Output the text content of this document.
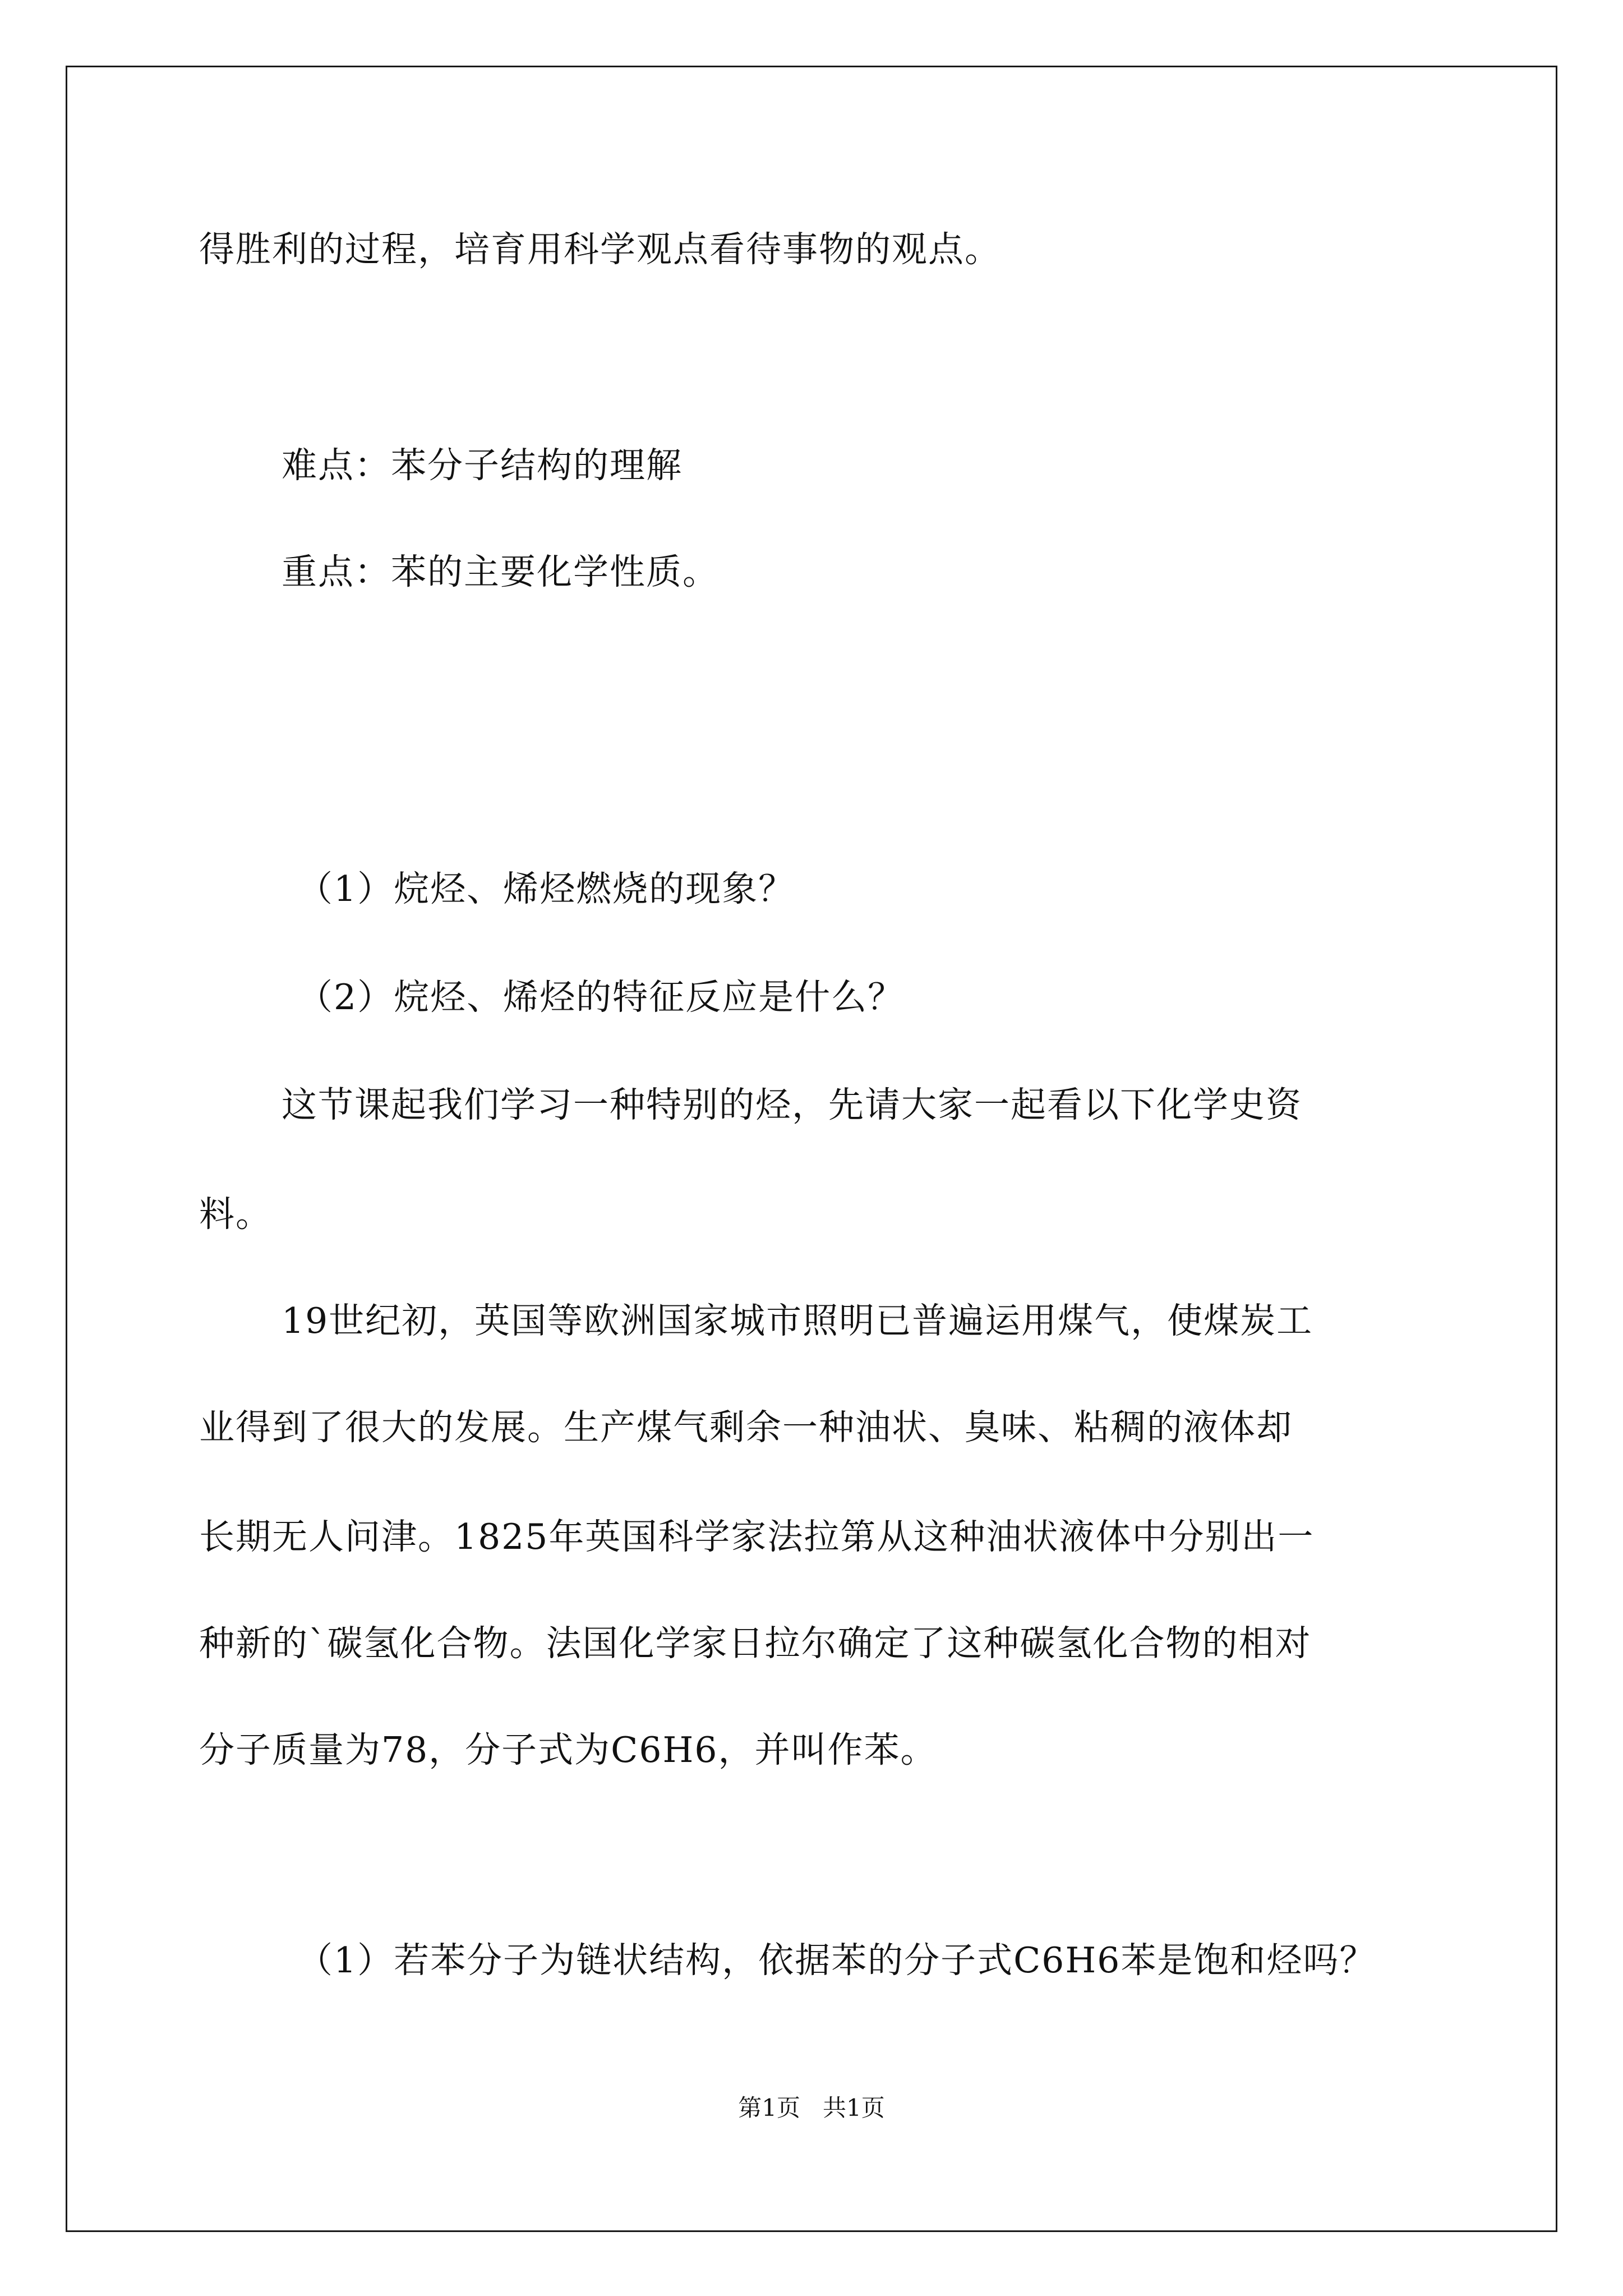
得胜利的过程，培育用科学观点看待事物的观点。
难点：苯分子结构的理解
重点：苯的主要化学性质。
（1）烷烃、烯烃燃烧的现象？
（2）烷烃、烯烃的特征反应是什么？
这节课起我们学习一种特别的烃，先请大家一起看以下化学史资
料。
19世纪初，英国等欧洲国家城市照明已普遍运用煤气，使煤炭工
业得到了很大的发展。生产煤气剩余一种油状、臭味、粘稠的液体却
长期无人问津。1825年英国科学家法拉第从这种油状液体中分别出一
种新的`碳氢化合物。法国化学家日拉尔确定了这种碳氢化合物的相对
分子质量为78，分子式为C6H6，并叫作苯。
（1）若苯分子为链状结构，依据苯的分子式C6H6苯是饱和烃吗？
第1页   共1页
